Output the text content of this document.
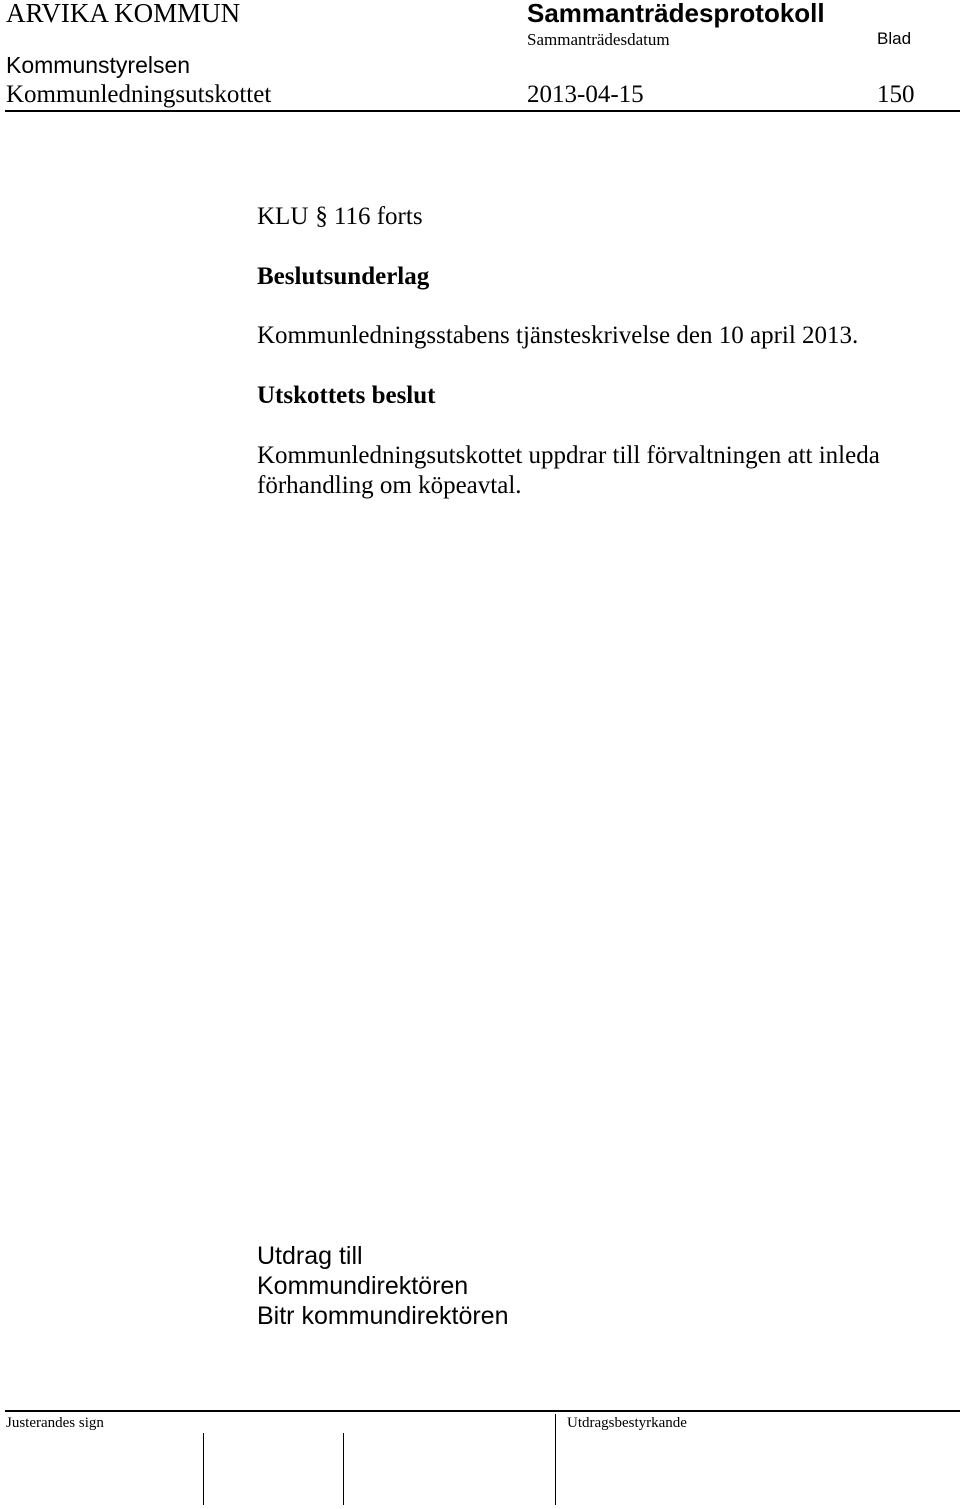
ARVIKA KOMMUN	Sammanträdesprotokoll
Sammanträdesdatum	Blad
Kommunstyrelsen
Kommunledningsutskottet	2013-04-15	150
KLU § 116 forts
Beslutsunderlag
Kommunledningsstabens tjänsteskrivelse den 10 april 2013.
Utskottets beslut
Kommunledningsutskottet uppdrar till förvaltningen att inleda förhandling om köpeavtal.
Utdrag till
Kommundirektören
Bitr kommundirektören
Justerandes sign	Utdragsbestyrkande
